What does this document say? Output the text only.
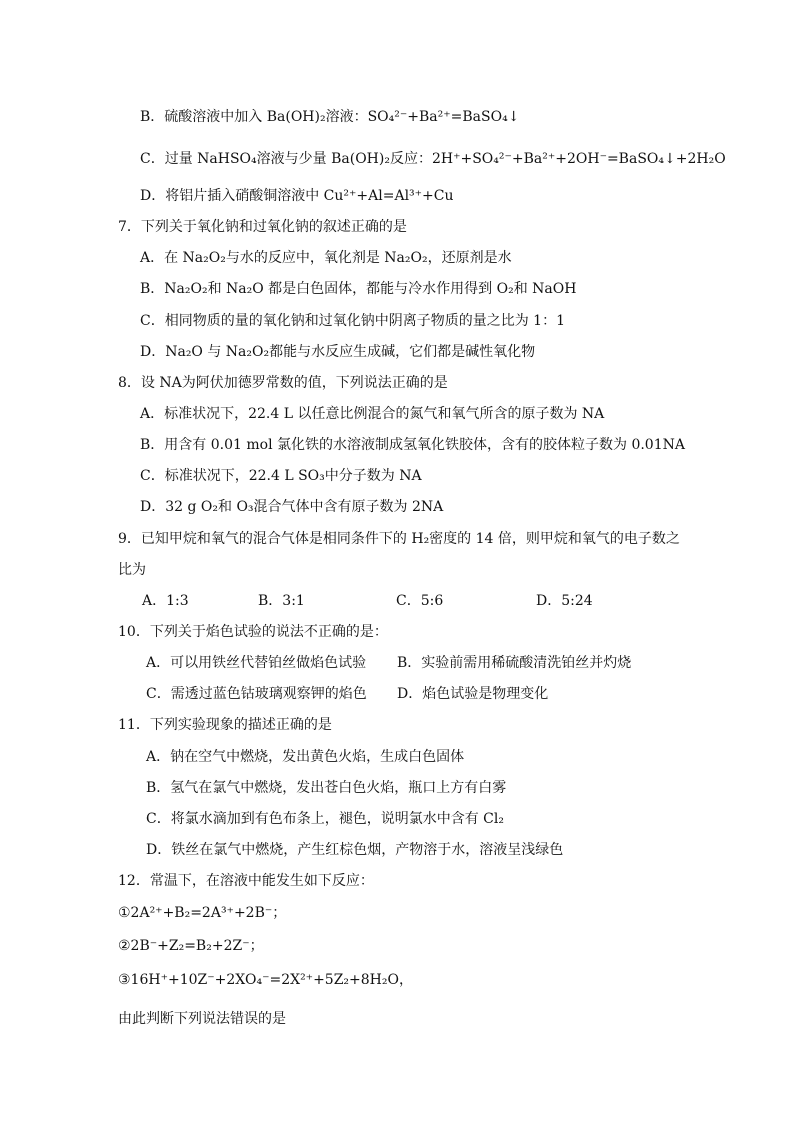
B．硫酸溶液中加入 Ba(OH)₂溶液：SO₄²⁻+Ba²⁺=BaSO₄↓
C．过量 NaHSO₄溶液与少量 Ba(OH)₂反应：2H⁺+SO₄²⁻+Ba²⁺+2OH⁻=BaSO₄↓+2H₂O
D．将铝片插入硝酸铜溶液中 Cu²⁺+Al=Al³⁺+Cu
7．下列关于氧化钠和过氧化钠的叙述正确的是
A．在 Na₂O₂与水的反应中，氧化剂是 Na₂O₂，还原剂是水
B．Na₂O₂和 Na₂O 都是白色固体，都能与冷水作用得到 O₂和 NaOH
C．相同物质的量的氧化钠和过氧化钠中阴离子物质的量之比为 1：1
D．Na₂O 与 Na₂O₂都能与水反应生成碱，它们都是碱性氧化物
8．设 NA为阿伏加德罗常数的值，下列说法正确的是
A．标准状况下，22.4 L 以任意比例混合的氮气和氧气所含的原子数为 NA
B．用含有 0.01 mol 氯化铁的水溶液制成氢氧化铁胶体，含有的胶体粒子数为 0.01NA
C．标准状况下，22.4 L SO₃中分子数为 NA
D．32 g O₂和 O₃混合气体中含有原子数为 2NA
9．已知甲烷和氧气的混合气体是相同条件下的 H₂密度的 14 倍，则甲烷和氧气的电子数之
比为
A．1:3	B．3:1	C．5:6	D．5:24
10．下列关于焰色试验的说法不正确的是：
A．可以用铁丝代替铂丝做焰色试验 B．实验前需用稀硫酸清洗铂丝并灼烧
C．需透过蓝色钴玻璃观察钾的焰色 D．焰色试验是物理变化
11．下列实验现象的描述正确的是
A．钠在空气中燃烧，发出黄色火焰，生成白色固体
B．氢气在氯气中燃烧，发出苍白色火焰，瓶口上方有白雾
C．将氯水滴加到有色布条上，褪色，说明氯水中含有 Cl₂
D．铁丝在氯气中燃烧，产生红棕色烟，产物溶于水，溶液呈浅绿色
12．常温下，在溶液中能发生如下反应：
①2A²⁺+B₂=2A³⁺+2B⁻；
②2B⁻+Z₂=B₂+2Z⁻；
③16H⁺+10Z⁻+2XO₄⁻=2X²⁺+5Z₂+8H₂O，
由此判断下列说法错误的是
